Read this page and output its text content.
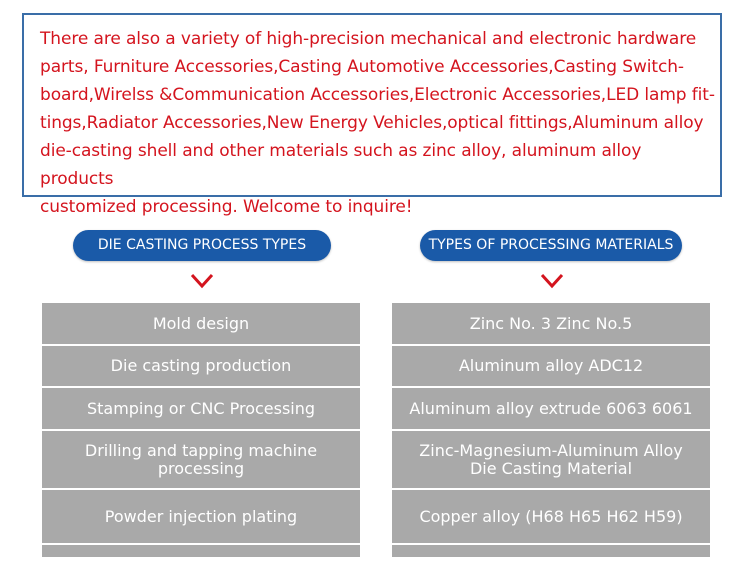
There are also a variety of high-precision mechanical and electronic hardware
parts, Furniture Accessories,Casting Automotive Accessories,Casting Switch-
board,Wirelss &Communication Accessories,Electronic Accessories,LED lamp fit-
tings,Radiator Accessories,New Energy Vehicles,optical fittings,Aluminum alloy
die-casting shell and other materials such as zinc alloy, aluminum alloy products
customized processing. Welcome to inquire!

DIE CASTING PROCESS TYPES
Mold design
Die casting production
Stamping or CNC Processing
Drilling and tapping machine processing
Powder injection plating
TYPES OF PROCESSING MATERIALS
Zinc No. 3 Zinc No.5
Aluminum alloy ADC12
Aluminum alloy extrude 6063 6061
Zinc-Magnesium-Aluminum Alloy Die Casting Material
Copper alloy (H68 H65 H62 H59)
